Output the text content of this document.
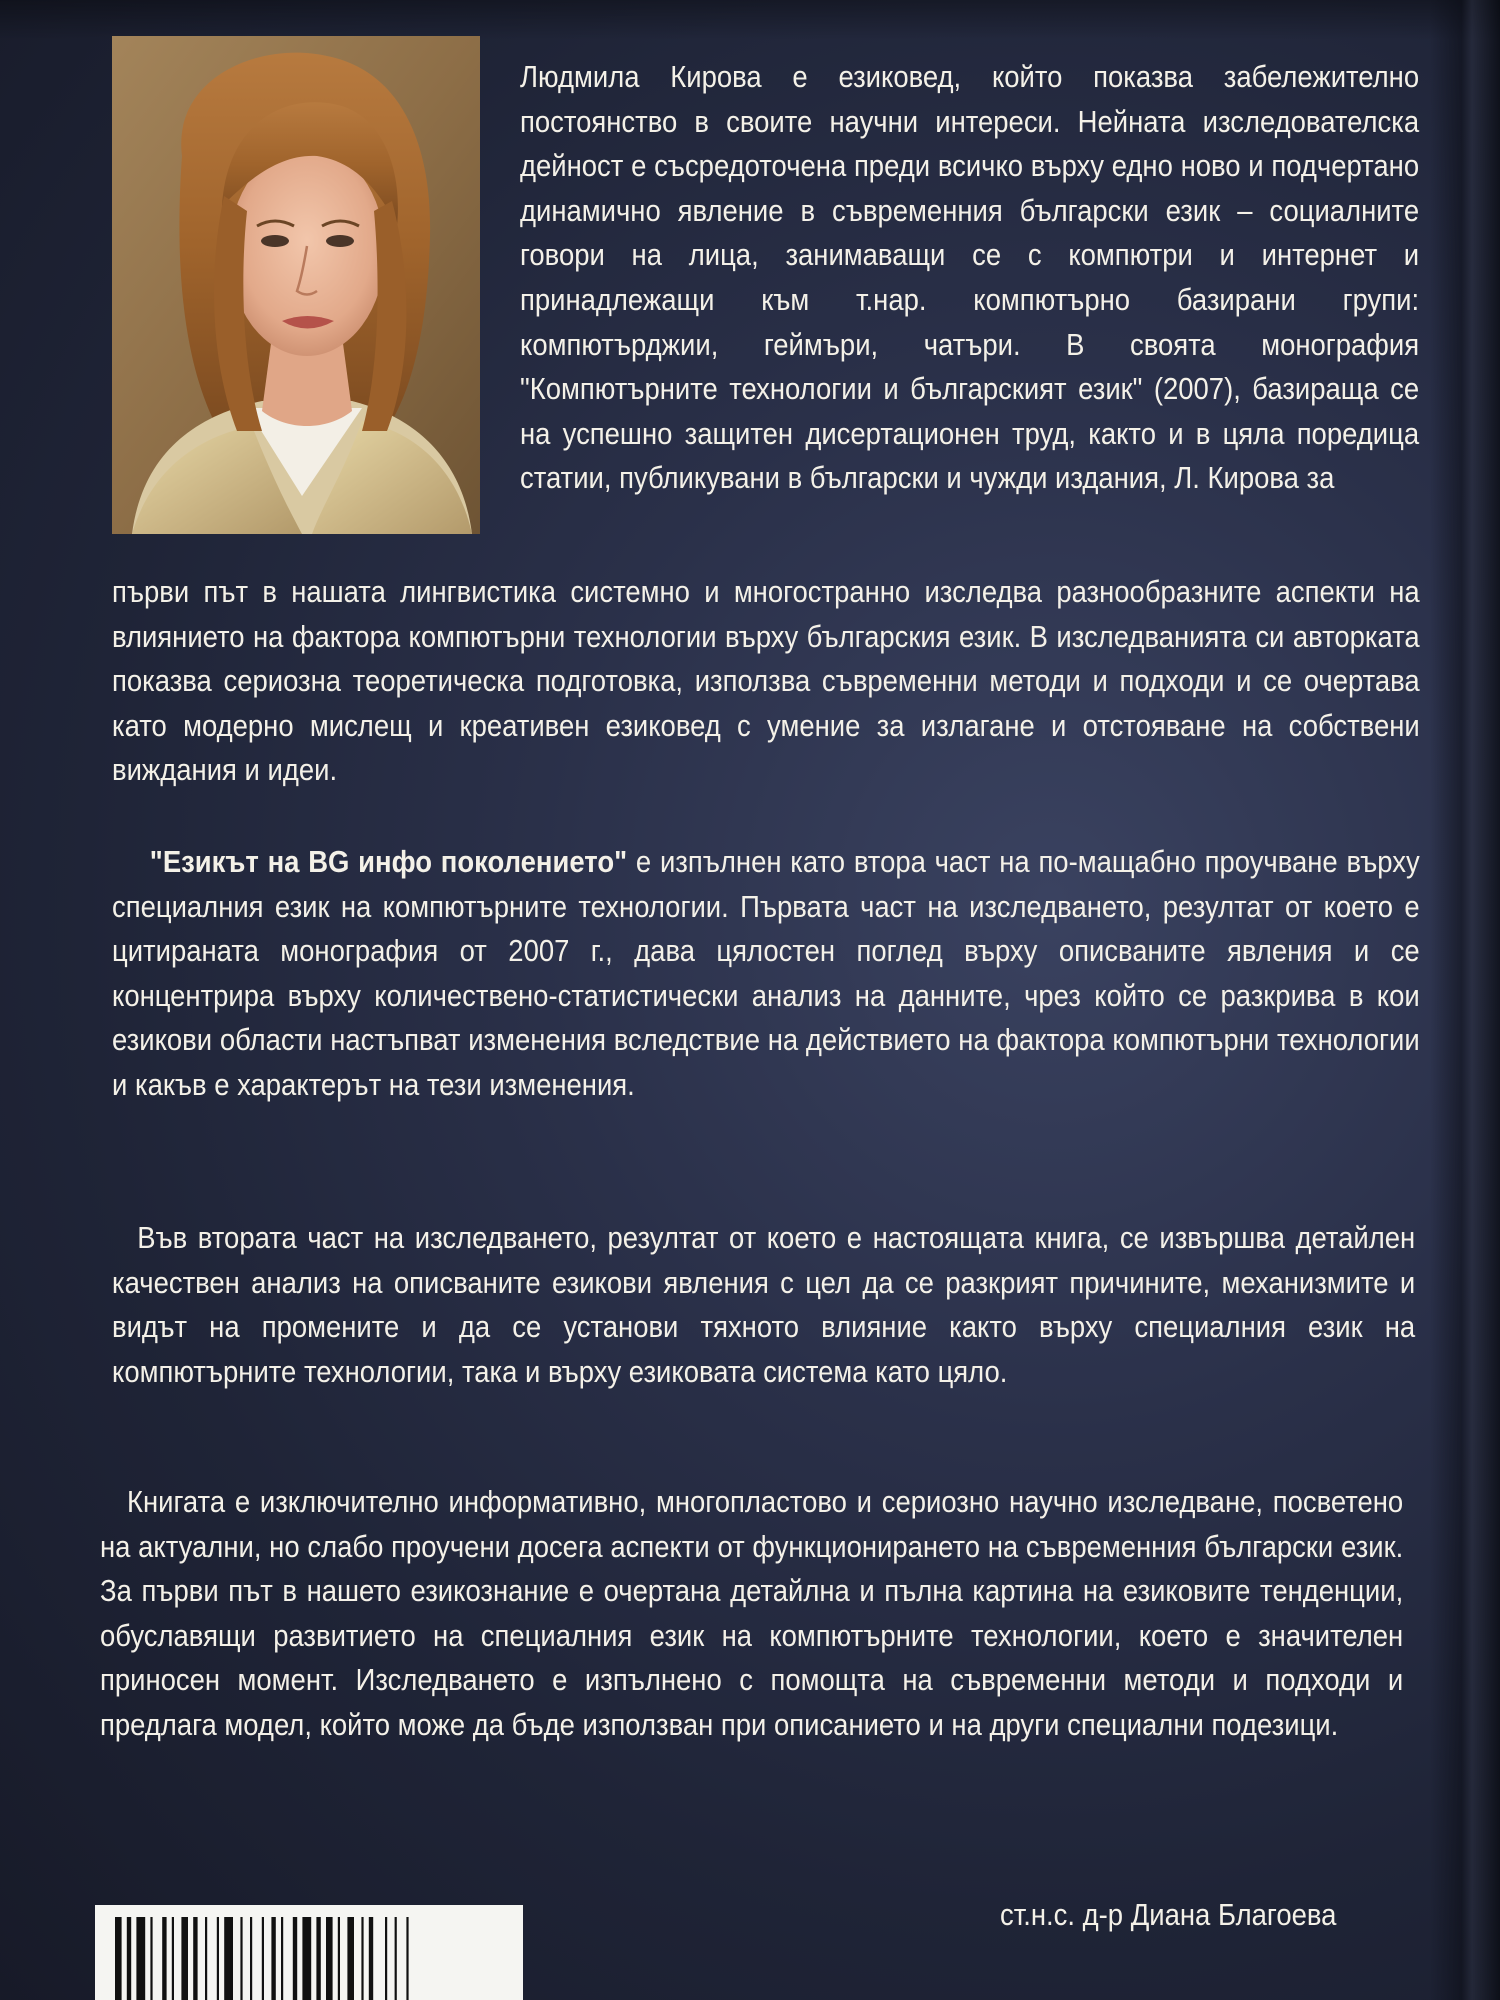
Людмила Кирова е езиковед, който показва забележително постоянство в своите научни интереси. Нейната изследователска дейност е съсредоточена преди всичко върху едно ново и подчертано динамично явление в съвременния български език – социалните говори на лица, занимаващи се с компютри и интернет и принадлежащи към т.нар. компютърно базирани групи: компютърджии, геймъри, чатъри. В своята монография "Компютърните технологии и българският език" (2007), базираща се на успешно защитен дисертационен труд, както и в цяла поредица статии, публикувани в български и чужди издания, Л. Кирова за
първи път в нашата лингвистика системно и многостранно изследва разнообразните аспекти на влиянието на фактора компютърни технологии върху българския език. В изследванията си авторката показва сериозна теоретическа подготовка, използва съвременни методи и подходи и се очертава като модерно мислещ и креативен езиковед с умение за излагане и отстояване на собствени виждания и идеи.
"Езикът на BG инфо поколението" е изпълнен като втора част на по-мащабно проучване върху специалния език на компютърните технологии. Първата част на изследването, резултат от което е цитираната монография от 2007 г., дава цялостен поглед върху описваните явления и се концентрира върху количествено-статистически анализ на данните, чрез който се разкрива в кои езикови области настъпват изменения вследствие на действието на фактора компютърни технологии и какъв е характерът на тези изменения.
Във втората част на изследването, резултат от което е настоящата книга, се извършва детайлен качествен анализ на описваните езикови явления с цел да се разкрият причините, механизмите и видът на промените и да се установи тяхното влияние както върху специалния език на компютърните технологии, така и върху езиковата система като цяло.
Книгата е изключително информативно, многопластово и сериозно научно изследване, посветено на актуални, но слабо проучени досега аспекти от функционирането на съвременния български език. За първи път в нашето езикознание е очертана детайлна и пълна картина на езиковите тенденции, обуславящи развитието на специалния език на компютърните технологии, което е значителен приносен момент. Изследването е изпълнено с помощта на съвременни методи и подходи и предлага модел, който може да бъде използван при описанието и на други специални подезици.
ст.н.с. д-р Диана Благоева
